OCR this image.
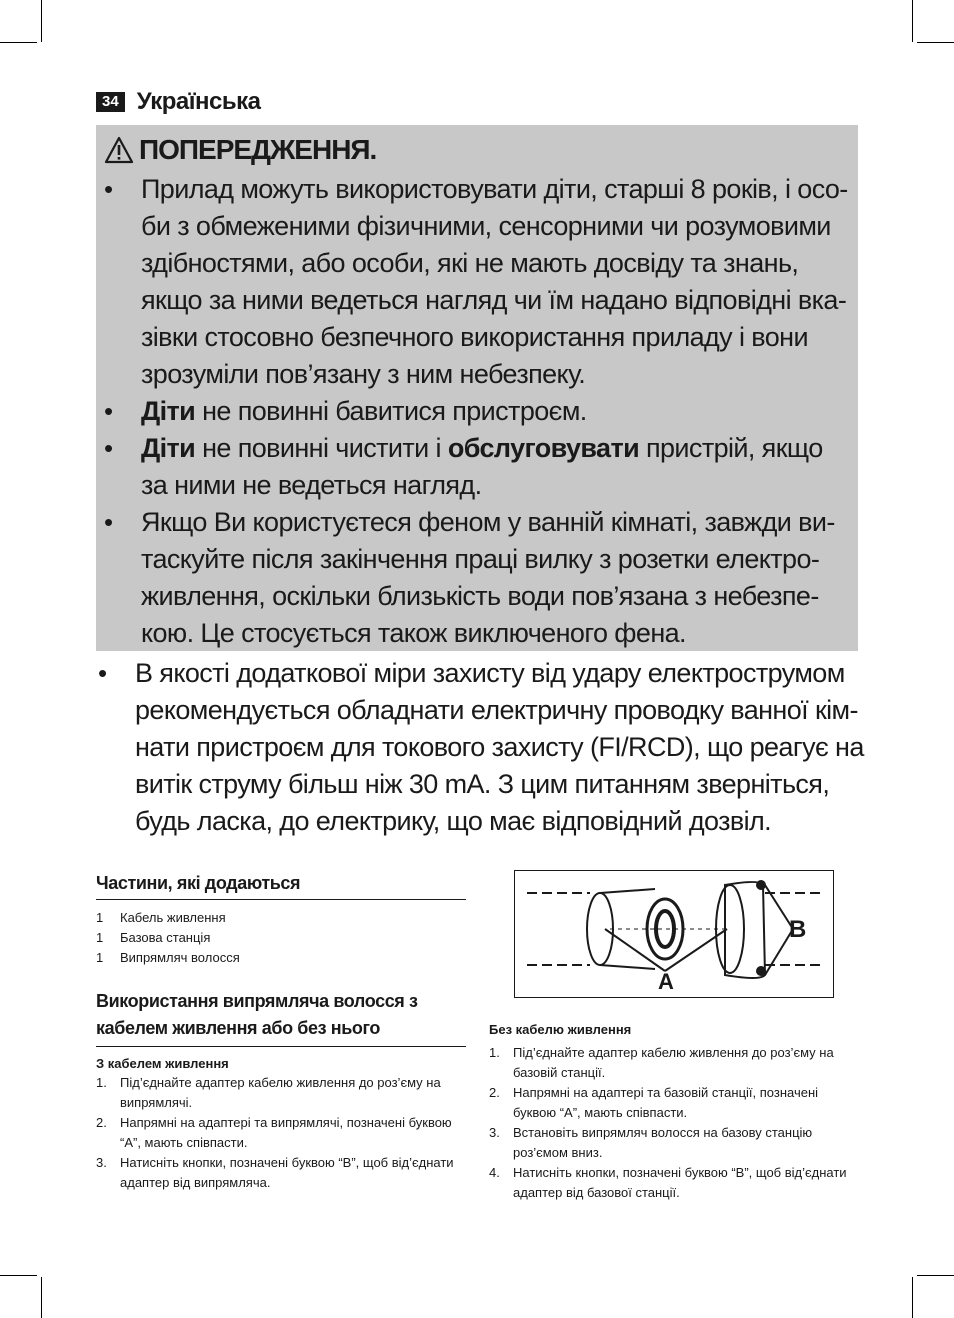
34 Українська
ПОПЕРЕДЖЕННЯ.
• Прилад можуть використовувати діти, старші 8 років, і осо-би з обмеженими фізичними, сенсорними чи розумовими здібностями, або особи, які не мають досвіду та знань, якщо за ними ведеться нагляд чи їм надано відповідні вка-зівки стосовно безпечного використання приладу і вони зрозуміли пов’язану з ним небезпеку.
• Діти не повинні бавитися пристроєм.
• Діти не повинні чистити і обслуговувати пристрій, якщо за ними не ведеться нагляд.
• Якщо Ви користуєтеся феном у ванній кімнаті, завжди ви-таскуйте після закінчення праці вилку з розетки електро-живлення, оскільки близькість води пов’язана з небезпе-кою. Це стосується також виключеного фена.
• В якості додаткової міри захисту від удару електрострумом рекомендується обладнати електричну проводку ванної кім-нати пристроєм для токового захисту (FI/RCD), що реагує на витік струму більш ніж 30 mA. З цим питанням зверніться, будь ласка, до електрику, що має відповідний дозвіл.
Частини, які додаються
1	Кабель живлення
1	Базова станція
1	Випрямляч волосся
Використання випрямляча волосся з
кабелем живлення або без нього
З кабелем живлення
1.	Під’єднайте адаптер кабелю живлення до роз’єму на випрямлячі.
2.	Напрямні на адаптері та випрямлячі, позначені буквою “A”, мають співпасти.
3.	Натисніть кнопки, позначені буквою “B”, щоб від’єднати адаптер від випрямляча.
B
A
Без кабелю живлення
1.	Під’єднайте адаптер кабелю живлення до роз’єму на базовій станції.
2.	Напрямні на адаптері та базовій станції, позначені буквою “A”, мають співпасти.
3.	Встановіть випрямляч волосся на базову станцію роз’ємом вниз.
4.	Натисніть кнопки, позначені буквою “B”, щоб від’єднати адаптер від базової станції.
